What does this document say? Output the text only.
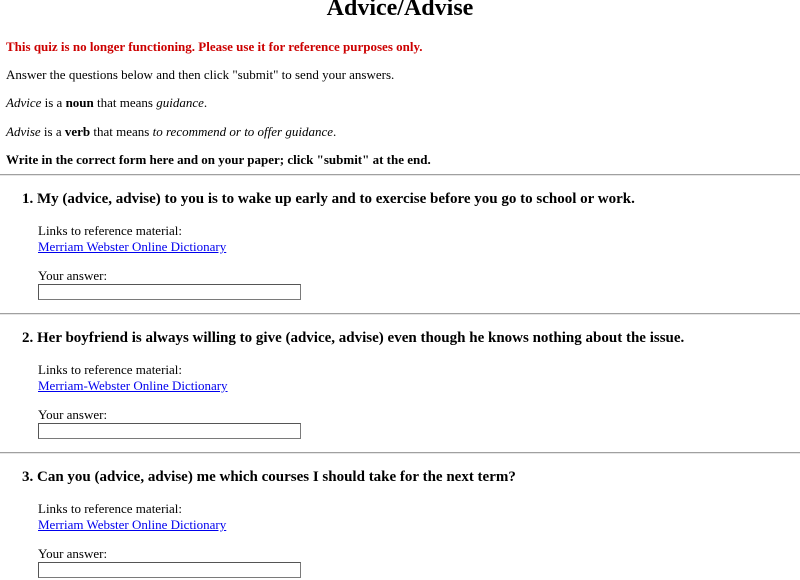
Advice/Advise

This quiz is no longer functioning. Please use it for reference purposes only.

Answer the questions below and then click "submit" to send your answers.

Advice is a noun that means guidance.

Advise is a verb that means to recommend or to offer guidance.

Write in the correct form here and on your paper; click "submit" at the end.

1. My (advice, advise) to you is to wake up early and to exercise before you go to school or work.
Links to reference material:
Merriam Webster Online Dictionary
Your answer:
2. Her boyfriend is always willing to give (advice, advise) even though he knows nothing about the issue.
Links to reference material:
Merriam-Webster Online Dictionary
Your answer:
3. Can you (advice, advise) me which courses I should take for the next term?
Links to reference material:
Merriam Webster Online Dictionary
Your answer:
